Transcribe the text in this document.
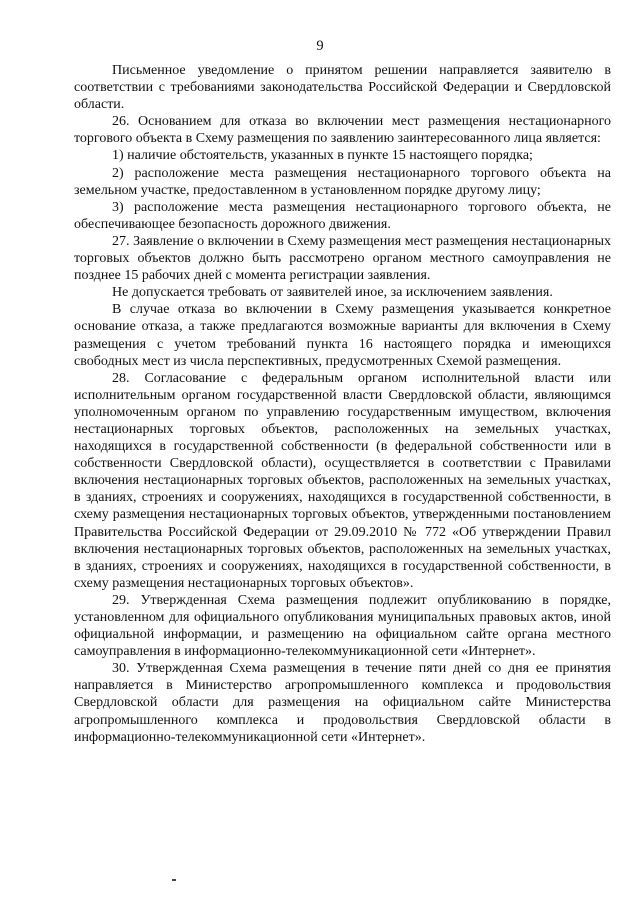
9

Письменное уведомление о принятом решении направляется заявителю в соответствии с требованиями законодательства Российской Федерации и Свердловской области.

26. Основанием для отказа во включении мест размещения нестационарного торгового объекта в Схему размещения по заявлению заинтересованного лица является:

1) наличие обстоятельств, указанных в пункте 15 настоящего порядка;

2) расположение места размещения нестационарного торгового объекта на земельном участке, предоставленном в установленном порядке другому лицу;

3) расположение места размещения нестационарного торгового объекта, не обеспечивающее безопасность дорожного движения.

27. Заявление о включении в Схему размещения мест размещения нестационарных торговых объектов должно быть рассмотрено органом местного самоуправления не позднее 15 рабочих дней с момента регистрации заявления.

Не допускается требовать от заявителей иное, за исключением заявления.

В случае отказа во включении в Схему размещения указывается конкретное основание отказа, а также предлагаются возможные варианты для включения в Схему размещения с учетом требований пункта 16 настоящего порядка и имеющихся свободных мест из числа перспективных, предусмотренных Схемой размещения.

28. Согласование с федеральным органом исполнительной власти или исполнительным органом государственной власти Свердловской области, являющимся уполномоченным органом по управлению государственным имуществом, включения нестационарных торговых объектов, расположенных на земельных участках, находящихся в государственной собственности (в федеральной собственности или в собственности Свердловской области), осуществляется в соответствии с Правилами включения нестационарных торговых объектов, расположенных на земельных участках, в зданиях, строениях и сооружениях, находящихся в государственной собственности, в схему размещения нестационарных торговых объектов, утвержденными постановлением Правительства Российской Федерации от 29.09.2010 № 772 «Об утверждении Правил включения нестационарных торговых объектов, расположенных на земельных участках, в зданиях, строениях и сооружениях, находящихся в государственной собственности, в схему размещения нестационарных торговых объектов».

29. Утвержденная Схема размещения подлежит опубликованию в порядке, установленном для официального опубликования муниципальных правовых актов, иной официальной информации, и размещению на официальном сайте органа местного самоуправления в информационно-телекоммуникационной сети «Интернет».

30. Утвержденная Схема размещения в течение пяти дней со дня ее принятия направляется в Министерство агропромышленного комплекса и продовольствия Свердловской области для размещения на официальном сайте Министерства агропромышленного комплекса и продовольствия Свердловской области в информационно-телекоммуникационной сети «Интернет».
